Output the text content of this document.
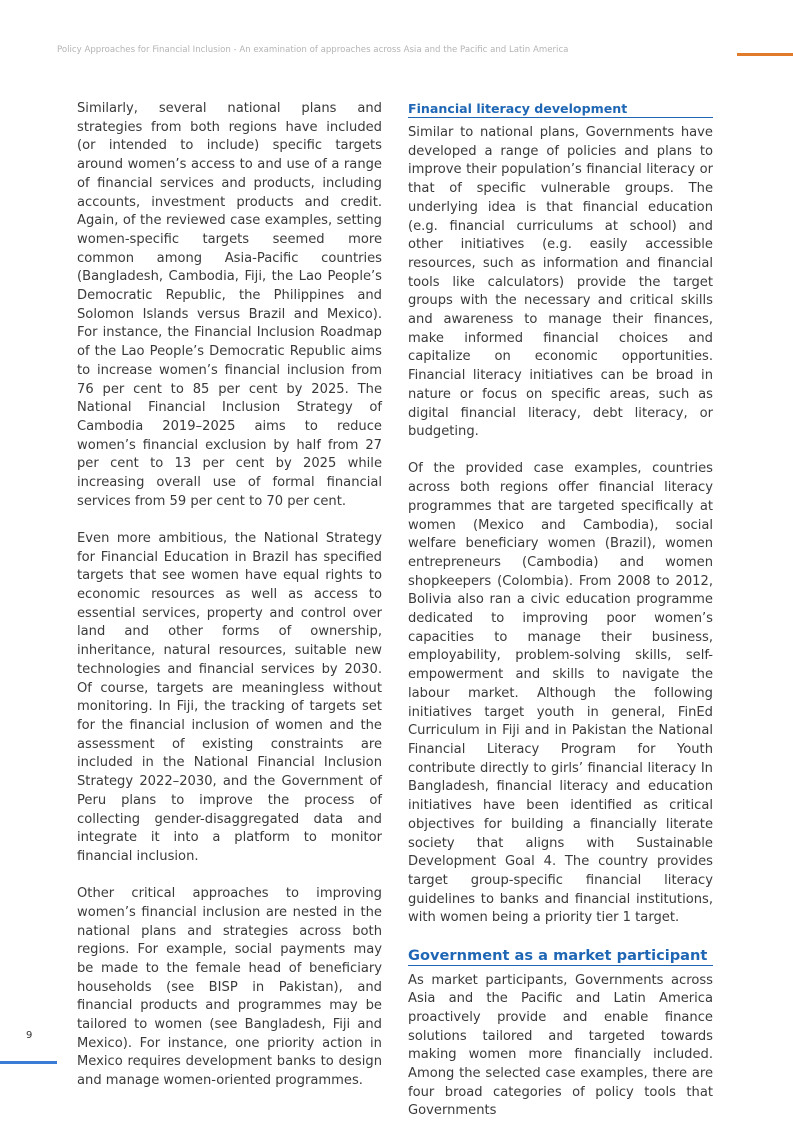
Policy Approaches for Financial Inclusion - An examination of approaches across Asia and the Pacific and Latin America

Similarly, several national plans and strategies from both regions have included (or intended to include) specific targets around women’s access to and use of a range of financial services and products, including accounts, investment products and credit. Again, of the reviewed case examples, setting women-specific targets seemed more common among Asia-Pacific countries (Bangladesh, Cambodia, Fiji, the Lao People’s Democratic Republic, the Philippines and Solomon Islands versus Brazil and Mexico). For instance, the Financial Inclusion Roadmap of the Lao People’s Democratic Republic aims to increase women’s financial inclusion from 76 per cent to 85 per cent by 2025. The National Financial Inclusion Strategy of Cambodia 2019–2025 aims to reduce women’s financial exclusion by half from 27 per cent to 13 per cent by 2025 while increasing overall use of formal financial services from 59 per cent to 70 per cent.

Even more ambitious, the National Strategy for Financial Education in Brazil has specified targets that see women have equal rights to economic resources as well as access to essential services, property and control over land and other forms of ownership, inheritance, natural resources, suitable new technologies and financial services by 2030. Of course, targets are meaningless without monitoring. In Fiji, the tracking of targets set for the financial inclusion of women and the assessment of existing constraints are included in the National Financial Inclusion Strategy 2022–2030, and the Government of Peru plans to improve the process of collecting gender-disaggregated data and integrate it into a platform to monitor financial inclusion.

Other critical approaches to improving women’s financial inclusion are nested in the national plans and strategies across both regions. For example, social payments may be made to the female head of beneficiary households (see BISP in Pakistan), and financial products and programmes may be tailored to women (see Bangladesh, Fiji and Mexico). For instance, one priority action in Mexico requires development banks to design and manage women-oriented programmes.

Financial literacy development

Similar to national plans, Governments have developed a range of policies and plans to improve their population’s financial literacy or that of specific vulnerable groups. The underlying idea is that financial education (e.g. financial curriculums at school) and other initiatives (e.g. easily accessible resources, such as information and financial tools like calculators) provide the target groups with the necessary and critical skills and awareness to manage their finances, make informed financial choices and capitalize on economic opportunities. Financial literacy initiatives can be broad in nature or focus on specific areas, such as digital financial literacy, debt literacy, or budgeting.

Of the provided case examples, countries across both regions offer financial literacy programmes that are targeted specifically at women (Mexico and Cambodia), social welfare beneficiary women (Brazil), women entrepreneurs (Cambodia) and women shopkeepers (Colombia). From 2008 to 2012, Bolivia also ran a civic education programme dedicated to improving poor women’s capacities to manage their business, employability, problem-solving skills, self-empowerment and skills to navigate the labour market. Although the following initiatives target youth in general, FinEd Curriculum in Fiji and in Pakistan the National Financial Literacy Program for Youth contribute directly to girls’ financial literacy In Bangladesh, financial literacy and education initiatives have been identified as critical objectives for building a financially literate society that aligns with Sustainable Development Goal 4. The country provides target group-specific financial literacy guidelines to banks and financial institutions, with women being a priority tier 1 target.

Government as a market participant

As market participants, Governments across Asia and the Pacific and Latin America proactively provide and enable finance solutions tailored and targeted towards making women more financially included. Among the selected case examples, there are four broad categories of policy tools that Governments

9
